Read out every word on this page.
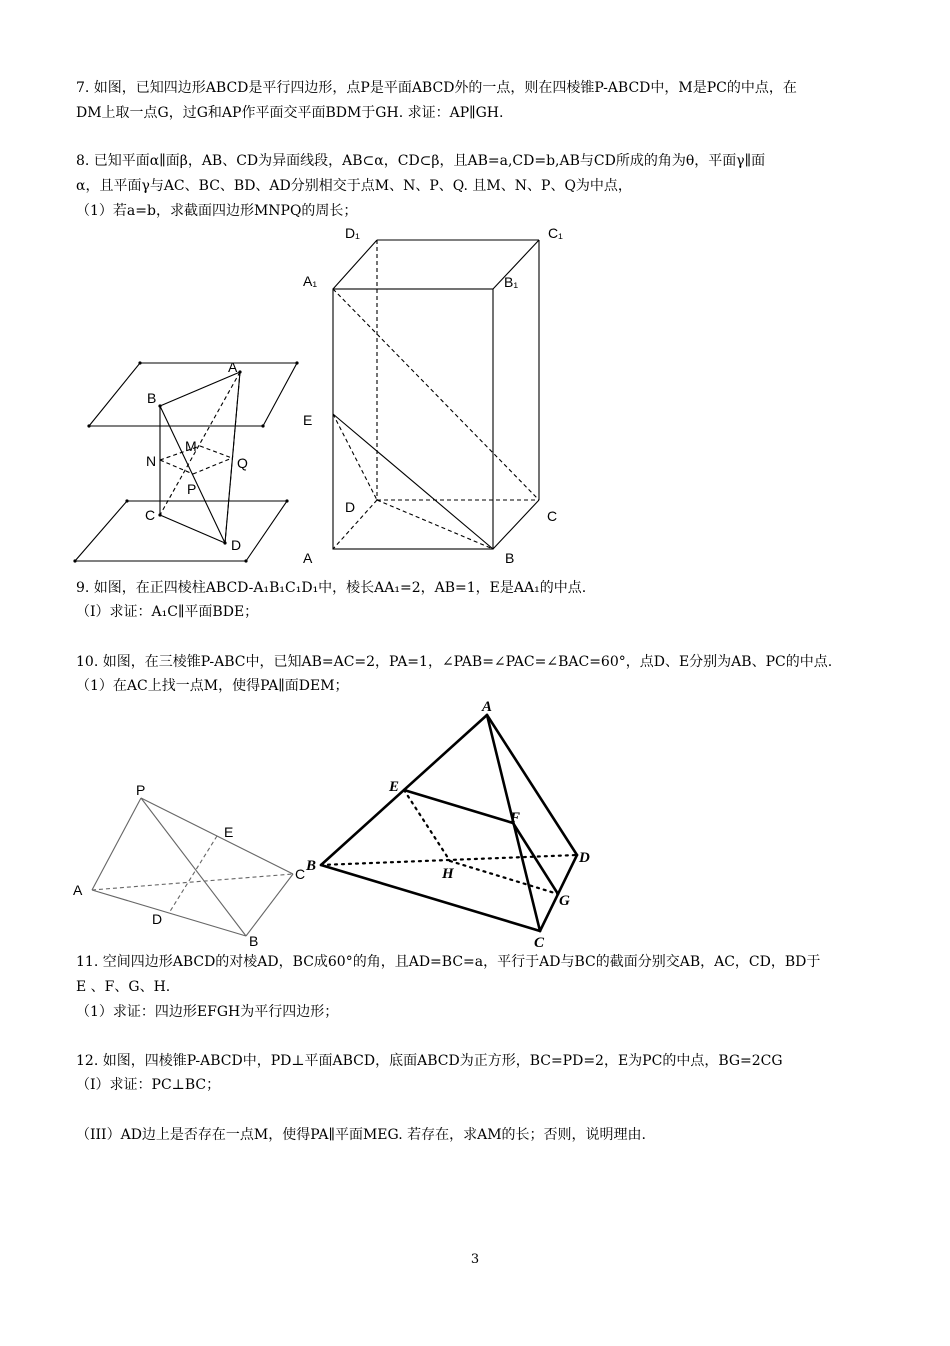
7. 如图，已知四边形ABCD是平行四边形，点P是平面ABCD外的一点，则在四棱锥P-ABCD中，M是PC的中点，在
DM上取一点G，过G和AP作平面交平面BDM于GH. 求证：AP∥GH.
8. 已知平面α∥面β，AB、CD为异面线段，AB⊂α，CD⊂β，且AB=a,CD=b,AB与CD所成的角为θ，平面γ∥面
α，且平面γ与AC、BC、BD、AD分别相交于点M、N、P、Q. 且M、N、P、Q为中点，
（1）若a=b，求截面四边形MNPQ的周长；
A
B
M
N	Q
P
C
D
D₁	C₁
A₁	B₁
E
D
C
A	B
9. 如图，在正四棱柱ABCD-A₁B₁C₁D₁中，棱长AA₁=2，AB=1，E是AA₁的中点.
（Ⅰ）求证：A₁C∥平面BDE；
10. 如图，在三棱锥P-ABC中，已知AB=AC=2，PA=1，∠PAB=∠PAC=∠BAC=60°，点D、E分别为AB、PC的中点.
（1）在AC上找一点M，使得PA∥面DEM；
P
E
A
C
D
B
A
E
F
B	H
D
G
C
11. 空间四边形ABCD的对棱AD，BC成60°的角，且AD=BC=a，平行于AD与BC的截面分别交AB，AC，CD，BD于
E 、F、G、H.
（1）求证：四边形EFGH为平行四边形；
12. 如图，四棱锥P-ABCD中，PD⊥平面ABCD，底面ABCD为正方形，BC=PD=2，E为PC的中点，BG=2CG
（I）求证：PC⊥BC；
（III）AD边上是否存在一点M，使得PA∥平面MEG. 若存在，求AM的长；否则，说明理由.
3
